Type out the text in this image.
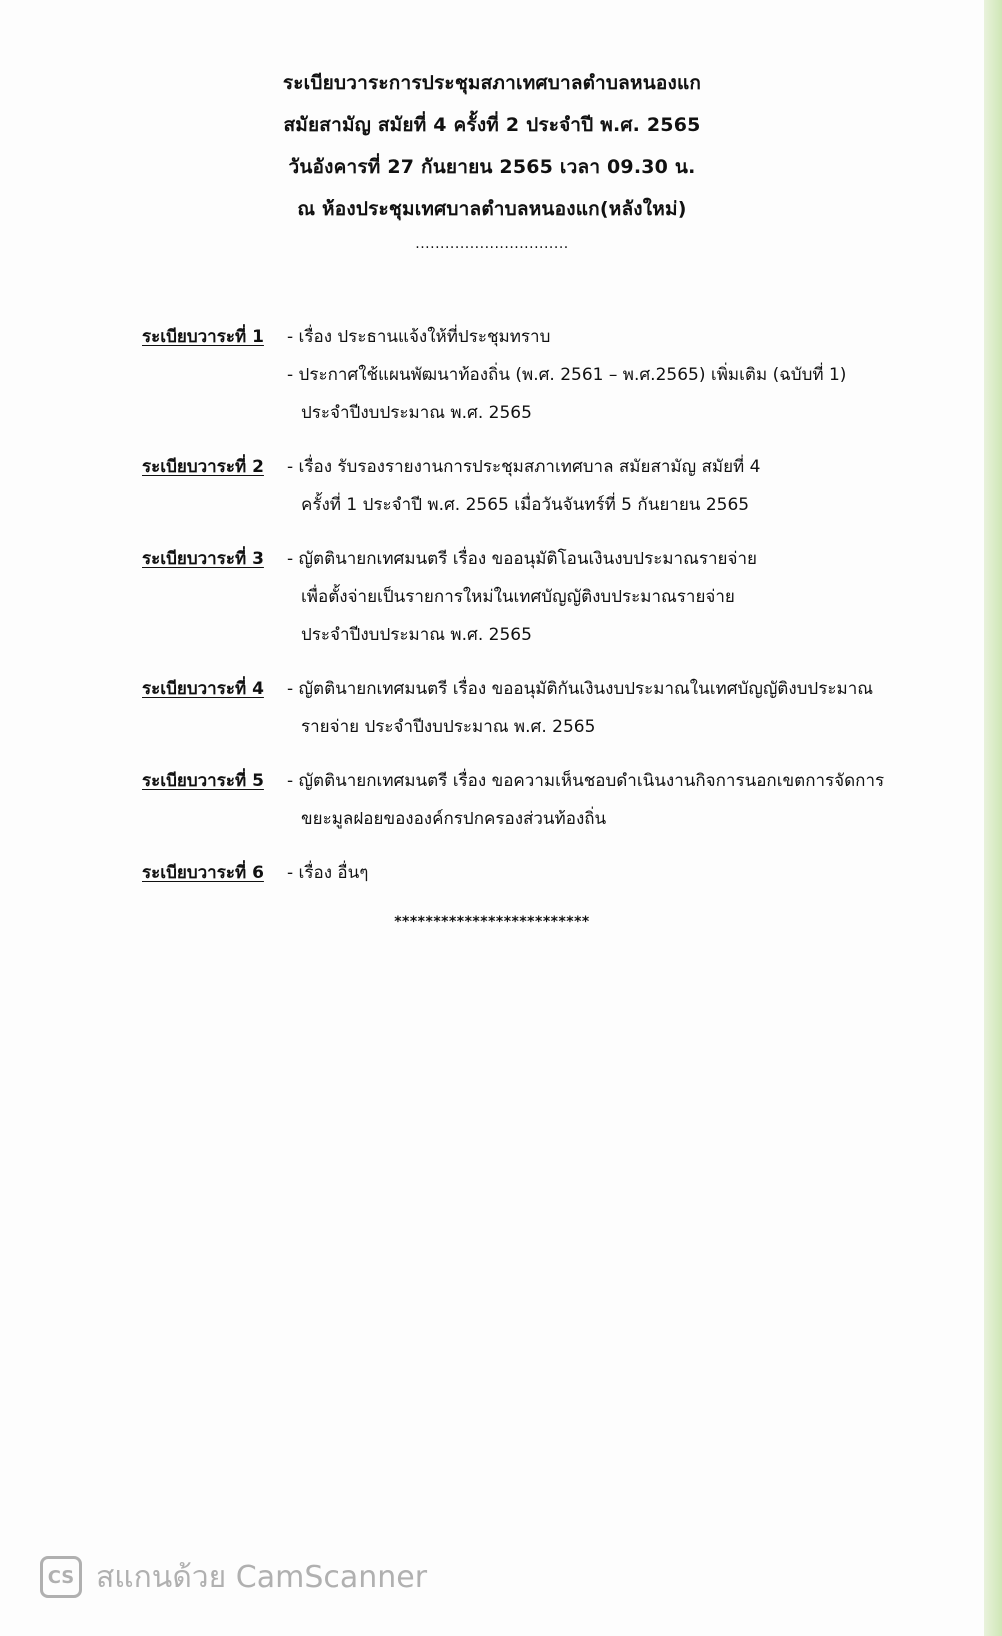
ระเบียบวาระการประชุมสภาเทศบาลตำบลหนองแก
สมัยสามัญ สมัยที่ 4 ครั้งที่ 2 ประจำปี พ.ศ. 2565
วันอังคารที่ 27 กันยายน 2565 เวลา 09.30 น.
ณ ห้องประชุมเทศบาลตำบลหนองแก(หลังใหม่)
...............................
ระเบียบวาระที่ 1	- เรื่อง ประธานแจ้งให้ที่ประชุมทราบ
- ประกาศใช้แผนพัฒนาท้องถิ่น (พ.ศ. 2561 – พ.ศ.2565) เพิ่มเติม (ฉบับที่ 1)
ประจำปีงบประมาณ พ.ศ. 2565
ระเบียบวาระที่ 2	- เรื่อง รับรองรายงานการประชุมสภาเทศบาล สมัยสามัญ สมัยที่ 4
ครั้งที่ 1 ประจำปี พ.ศ. 2565 เมื่อวันจันทร์ที่ 5 กันยายน 2565
ระเบียบวาระที่ 3	- ญัตตินายกเทศมนตรี เรื่อง ขออนุมัติโอนเงินงบประมาณรายจ่าย
เพื่อตั้งจ่ายเป็นรายการใหม่ในเทศบัญญัติงบประมาณรายจ่าย
ประจำปีงบประมาณ พ.ศ. 2565
ระเบียบวาระที่ 4	- ญัตตินายกเทศมนตรี เรื่อง ขออนุมัติกันเงินงบประมาณในเทศบัญญัติงบประมาณ
รายจ่าย ประจำปีงบประมาณ พ.ศ. 2565
ระเบียบวาระที่ 5	- ญัตตินายกเทศมนตรี เรื่อง ขอความเห็นชอบดำเนินงานกิจการนอกเขตการจัดการ
ขยะมูลฝอยขององค์กรปกครองส่วนท้องถิ่น
ระเบียบวาระที่ 6	- เรื่อง อื่นๆ
*************************
CS สแกนด้วย CamScanner
